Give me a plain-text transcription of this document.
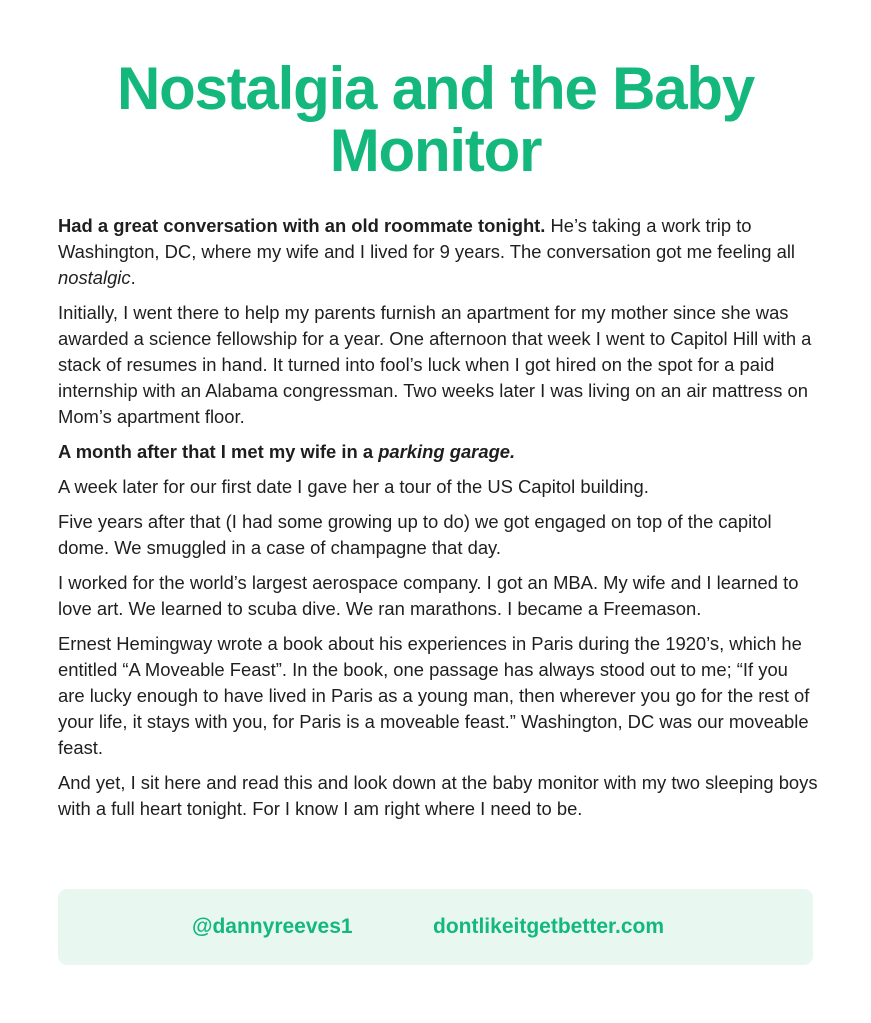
Nostalgia and the Baby Monitor

Had a great conversation with an old roommate tonight. He’s taking a work trip to Washington, DC, where my wife and I lived for 9 years. The conversation got me feeling all nostalgic.

Initially, I went there to help my parents furnish an apartment for my mother since she was awarded a science fellowship for a year. One afternoon that week I went to Capitol Hill with a stack of resumes in hand. It turned into fool’s luck when I got hired on the spot for a paid internship with an Alabama congressman. Two weeks later I was living on an air mattress on Mom’s apartment floor.

A month after that I met my wife in a parking garage.

A week later for our first date I gave her a tour of the US Capitol building.

Five years after that (I had some growing up to do) we got engaged on top of the capitol dome. We smuggled in a case of champagne that day.

I worked for the world’s largest aerospace company. I got an MBA. My wife and I learned to love art. We learned to scuba dive. We ran marathons. I became a Freemason.

Ernest Hemingway wrote a book about his experiences in Paris during the 1920’s, which he entitled “A Moveable Feast”. In the book, one passage has always stood out to me; “If you are lucky enough to have lived in Paris as a young man, then wherever you go for the rest of your life, it stays with you, for Paris is a moveable feast.” Washington, DC was our moveable feast.

And yet, I sit here and read this and look down at the baby monitor with my two sleeping boys with a full heart tonight. For I know I am right where I need to be.

@dannyreeves1	dontlikeitgetbetter.com
